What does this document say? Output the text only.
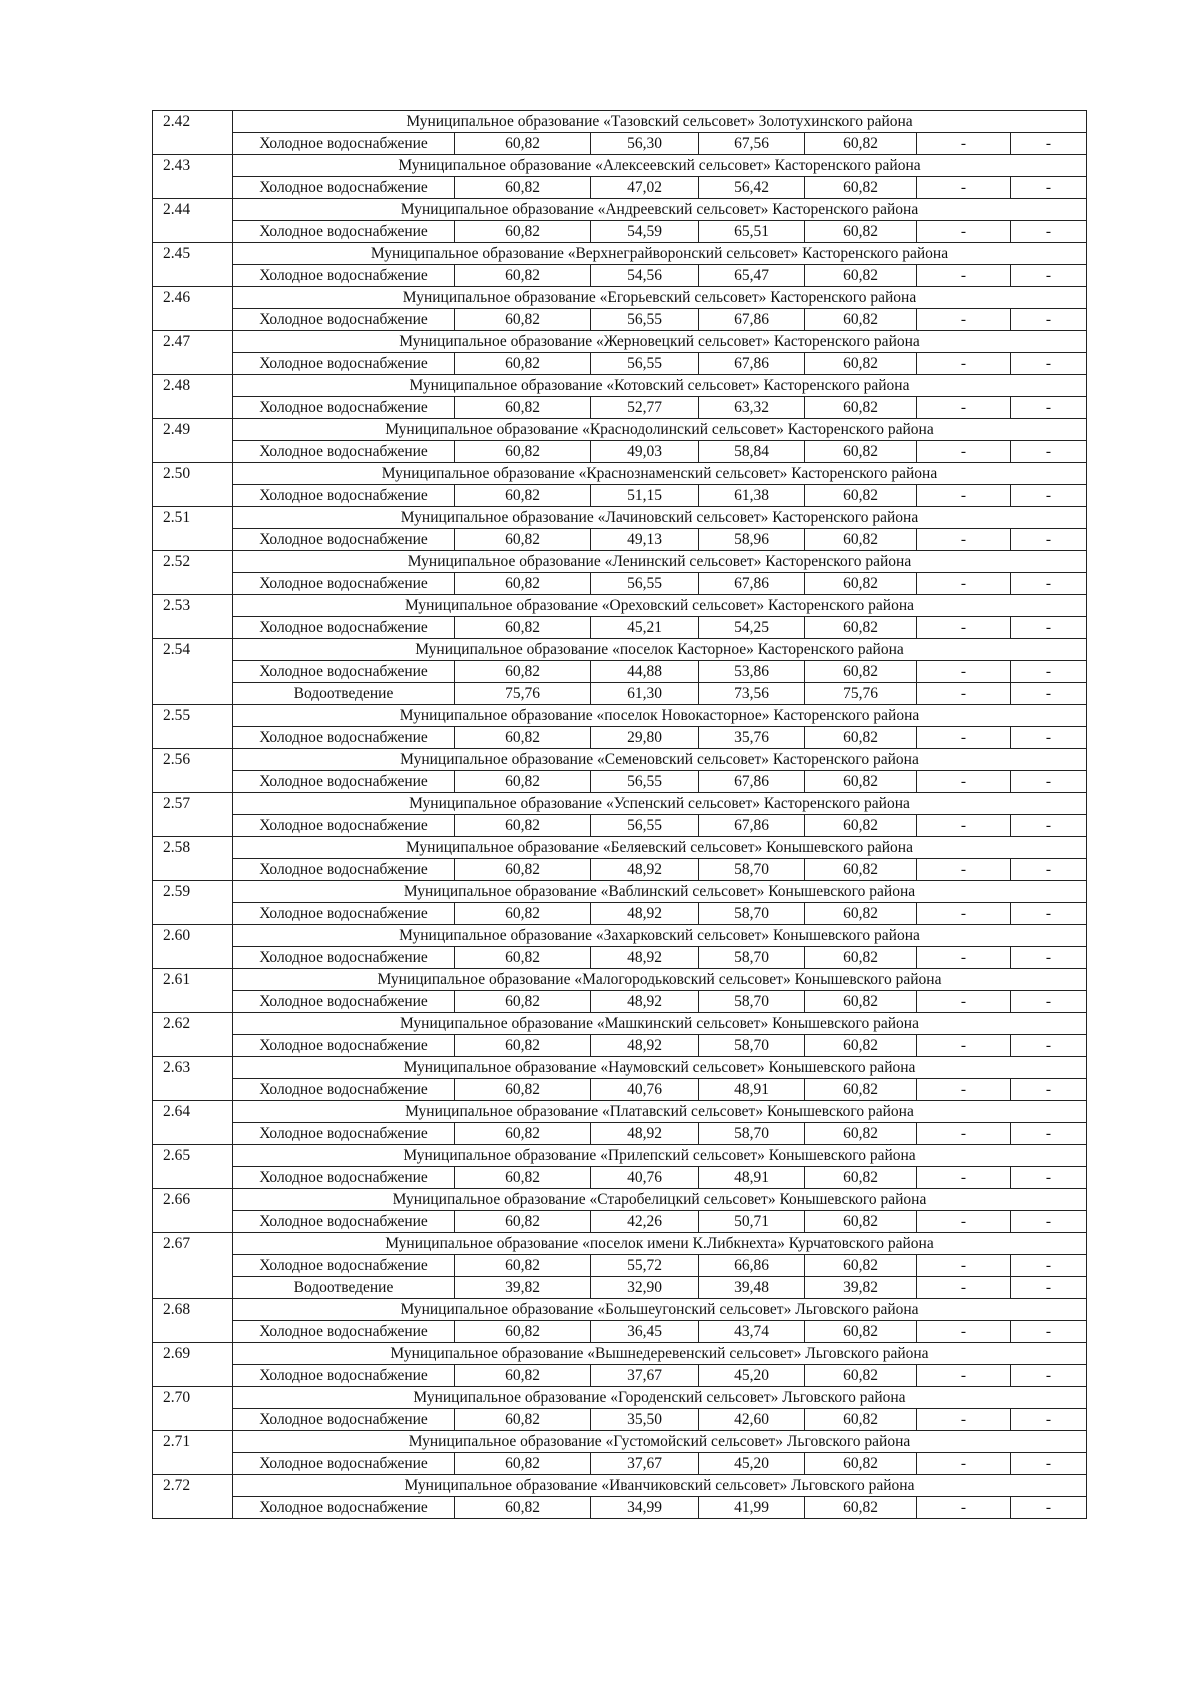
2.42	Муниципальное образование «Тазовский сельсовет» Золотухинского района						
	Холодное водоснабжение	60,82	56,30	67,56	60,82	-	-
2.43	Муниципальное образование «Алексеевский сельсовет» Касторенского района						
	Холодное водоснабжение	60,82	47,02	56,42	60,82	-	-
2.44	Муниципальное образование «Андреевский сельсовет» Касторенского района						
	Холодное водоснабжение	60,82	54,59	65,51	60,82	-	-
2.45	Муниципальное образование «Верхнеграйворонский сельсовет» Касторенского района						
	Холодное водоснабжение	60,82	54,56	65,47	60,82	-	-
2.46	Муниципальное образование «Егорьевский сельсовет» Касторенского района						
	Холодное водоснабжение	60,82	56,55	67,86	60,82	-	-
2.47	Муниципальное образование «Жерновецкий сельсовет» Касторенского района						
	Холодное водоснабжение	60,82	56,55	67,86	60,82	-	-
2.48	Муниципальное образование «Котовский сельсовет» Касторенского района						
	Холодное водоснабжение	60,82	52,77	63,32	60,82	-	-
2.49	Муниципальное образование «Краснодолинский сельсовет» Касторенского района						
	Холодное водоснабжение	60,82	49,03	58,84	60,82	-	-
2.50	Муниципальное образование «Краснознаменский сельсовет» Касторенского района						
	Холодное водоснабжение	60,82	51,15	61,38	60,82	-	-
2.51	Муниципальное образование «Лачиновский сельсовет» Касторенского района						
	Холодное водоснабжение	60,82	49,13	58,96	60,82	-	-
2.52	Муниципальное образование «Ленинский сельсовет» Касторенского района						
	Холодное водоснабжение	60,82	56,55	67,86	60,82	-	-
2.53	Муниципальное образование «Ореховский сельсовет» Касторенского района						
	Холодное водоснабжение	60,82	45,21	54,25	60,82	-	-
2.54	Муниципальное образование «поселок Касторное» Касторенского района						
	Холодное водоснабжение	60,82	44,88	53,86	60,82	-	-
	Водоотведение	75,76	61,30	73,56	75,76	-	-
2.55	Муниципальное образование «поселок Новокасторное» Касторенского района						
	Холодное водоснабжение	60,82	29,80	35,76	60,82	-	-
2.56	Муниципальное образование «Семеновский сельсовет» Касторенского района						
	Холодное водоснабжение	60,82	56,55	67,86	60,82	-	-
2.57	Муниципальное образование «Успенский сельсовет» Касторенского района						
	Холодное водоснабжение	60,82	56,55	67,86	60,82	-	-
2.58	Муниципальное образование «Беляевский сельсовет» Конышевского района						
	Холодное водоснабжение	60,82	48,92	58,70	60,82	-	-
2.59	Муниципальное образование «Ваблинский сельсовет» Конышевского района						
	Холодное водоснабжение	60,82	48,92	58,70	60,82	-	-
2.60	Муниципальное образование «Захарковский сельсовет» Конышевского района						
	Холодное водоснабжение	60,82	48,92	58,70	60,82	-	-
2.61	Муниципальное образование «Малогородьковский сельсовет» Конышевского района						
	Холодное водоснабжение	60,82	48,92	58,70	60,82	-	-
2.62	Муниципальное образование «Машкинский сельсовет» Конышевского района						
	Холодное водоснабжение	60,82	48,92	58,70	60,82	-	-
2.63	Муниципальное образование «Наумовский сельсовет» Конышевского района						
	Холодное водоснабжение	60,82	40,76	48,91	60,82	-	-
2.64	Муниципальное образование «Платавский сельсовет» Конышевского района						
	Холодное водоснабжение	60,82	48,92	58,70	60,82	-	-
2.65	Муниципальное образование «Прилепский сельсовет» Конышевского района						
	Холодное водоснабжение	60,82	40,76	48,91	60,82	-	-
2.66	Муниципальное образование «Старобелицкий сельсовет» Конышевского района						
	Холодное водоснабжение	60,82	42,26	50,71	60,82	-	-
2.67	Муниципальное образование «поселок имени К.Либкнехта» Курчатовского района						
	Холодное водоснабжение	60,82	55,72	66,86	60,82	-	-
	Водоотведение	39,82	32,90	39,48	39,82	-	-
2.68	Муниципальное образование «Большеугонский сельсовет» Льговского района						
	Холодное водоснабжение	60,82	36,45	43,74	60,82	-	-
2.69	Муниципальное образование «Вышнедеревенский сельсовет» Льговского района						
	Холодное водоснабжение	60,82	37,67	45,20	60,82	-	-
2.70	Муниципальное образование «Городенский сельсовет» Льговского района						
	Холодное водоснабжение	60,82	35,50	42,60	60,82	-	-
2.71	Муниципальное образование «Густомойский сельсовет» Льговского района						
	Холодное водоснабжение	60,82	37,67	45,20	60,82	-	-
2.72	Муниципальное образование «Иванчиковский сельсовет» Льговского района						
	Холодное водоснабжение	60,82	34,99	41,99	60,82	-	-
